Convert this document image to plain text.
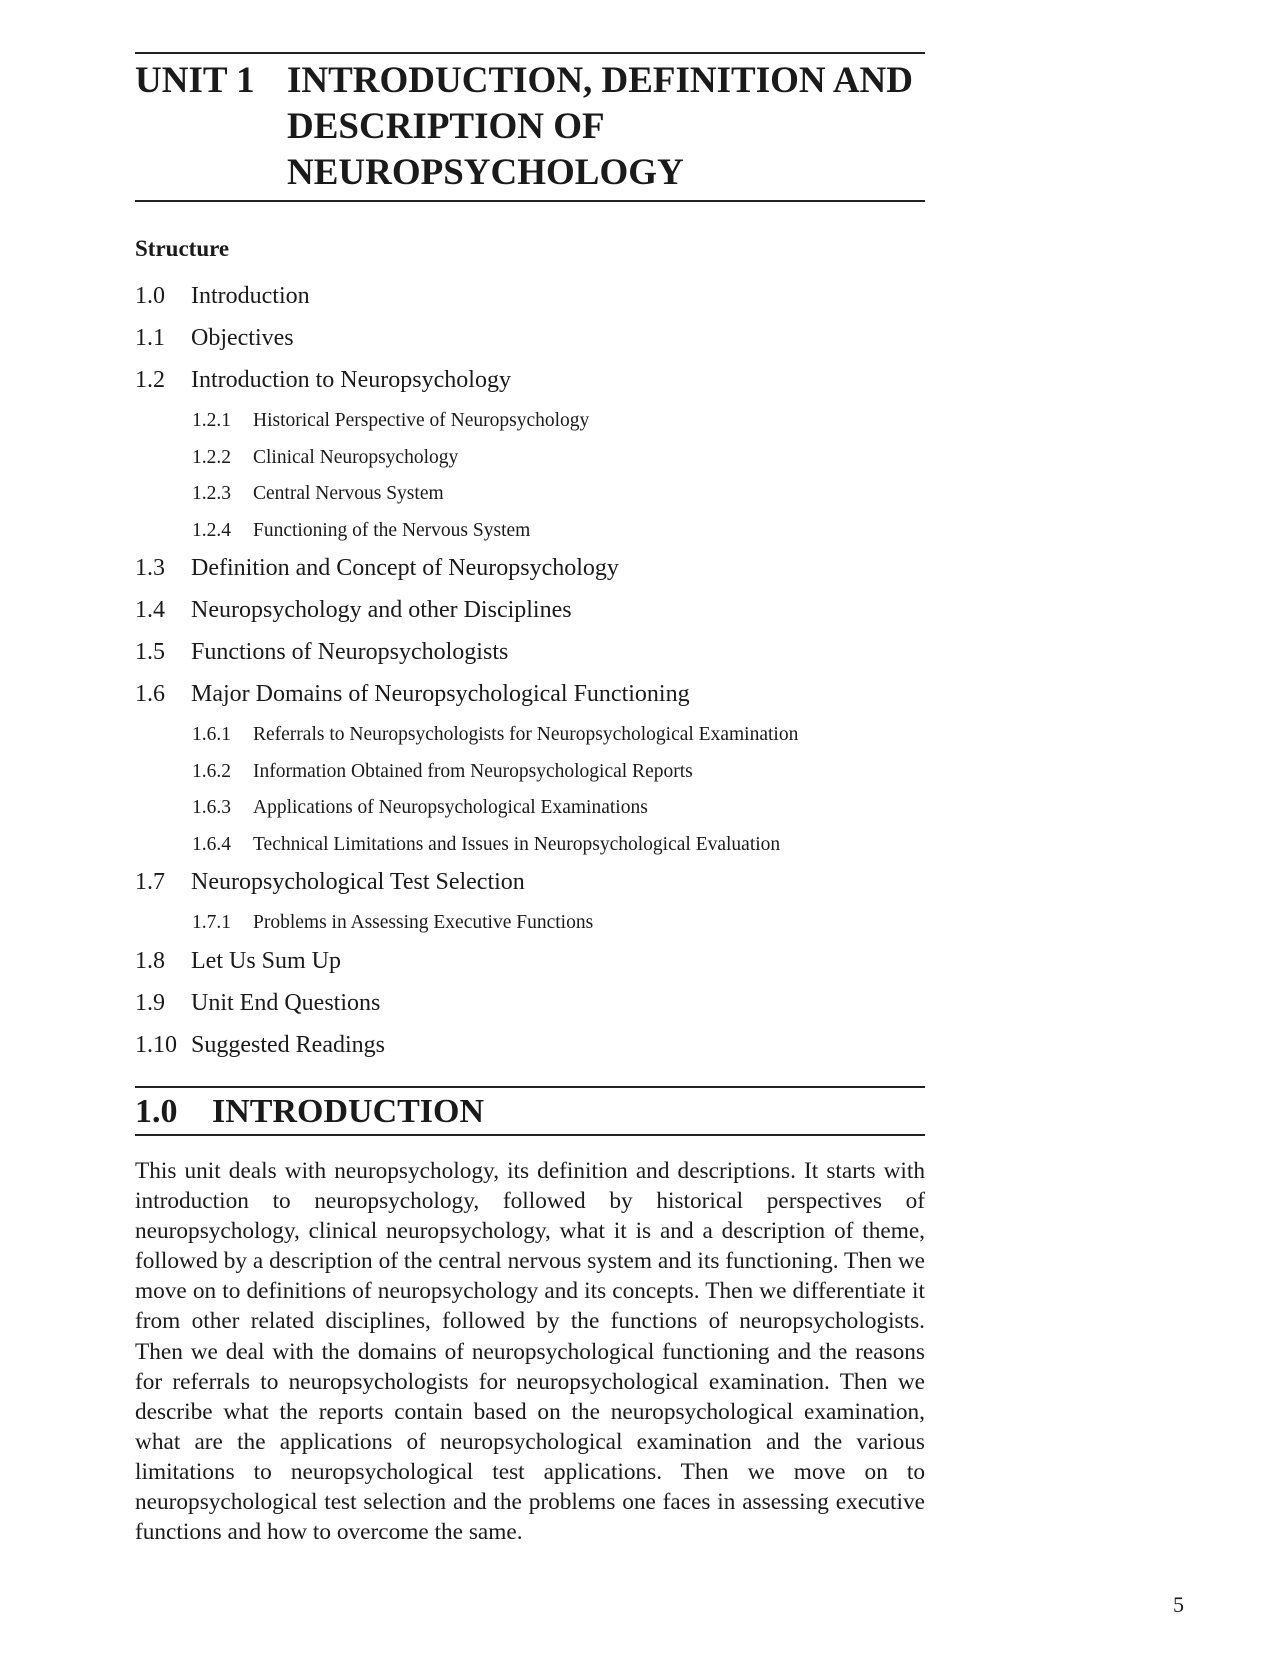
UNIT 1 INTRODUCTION, DEFINITION AND
DESCRIPTION OF
NEUROPSYCHOLOGY
Structure
1.0	Introduction
1.1	Objectives
1.2	Introduction to Neuropsychology
1.2.1	Historical Perspective of Neuropsychology
1.2.2	Clinical Neuropsychology
1.2.3	Central Nervous System
1.2.4	Functioning of the Nervous System
1.3	Definition and Concept of Neuropsychology
1.4	Neuropsychology and other Disciplines
1.5	Functions of Neuropsychologists
1.6	Major Domains of Neuropsychological Functioning
1.6.1	Referrals to Neuropsychologists for Neuropsychological Examination
1.6.2	Information Obtained from Neuropsychological Reports
1.6.3	Applications of Neuropsychological Examinations
1.6.4	Technical Limitations and Issues in Neuropsychological Evaluation
1.7	Neuropsychological Test Selection
1.7.1	Problems in Assessing Executive Functions
1.8	Let Us Sum Up
1.9	Unit End Questions
1.10 Suggested Readings
1.0	INTRODUCTION

This unit deals with neuropsychology, its definition and descriptions. It starts with introduction to neuropsychology, followed by historical perspectives of neuropsychology, clinical neuropsychology, what it is and a description of theme, followed by a description of the central nervous system and its functioning. Then we move on to definitions of neuropsychology and its concepts. Then we differentiate it from other related disciplines, followed by the functions of neuropsychologists. Then we deal with the domains of neuropsychological functioning and the reasons for referrals to neuropsychologists for neuropsychological examination. Then we describe what the reports contain based on the neuropsychological examination, what are the applications of neuropsychological examination and the various limitations to neuropsychological test applications. Then we move on to neuropsychological test selection and the problems one faces in assessing executive functions and how to overcome the same.

5
